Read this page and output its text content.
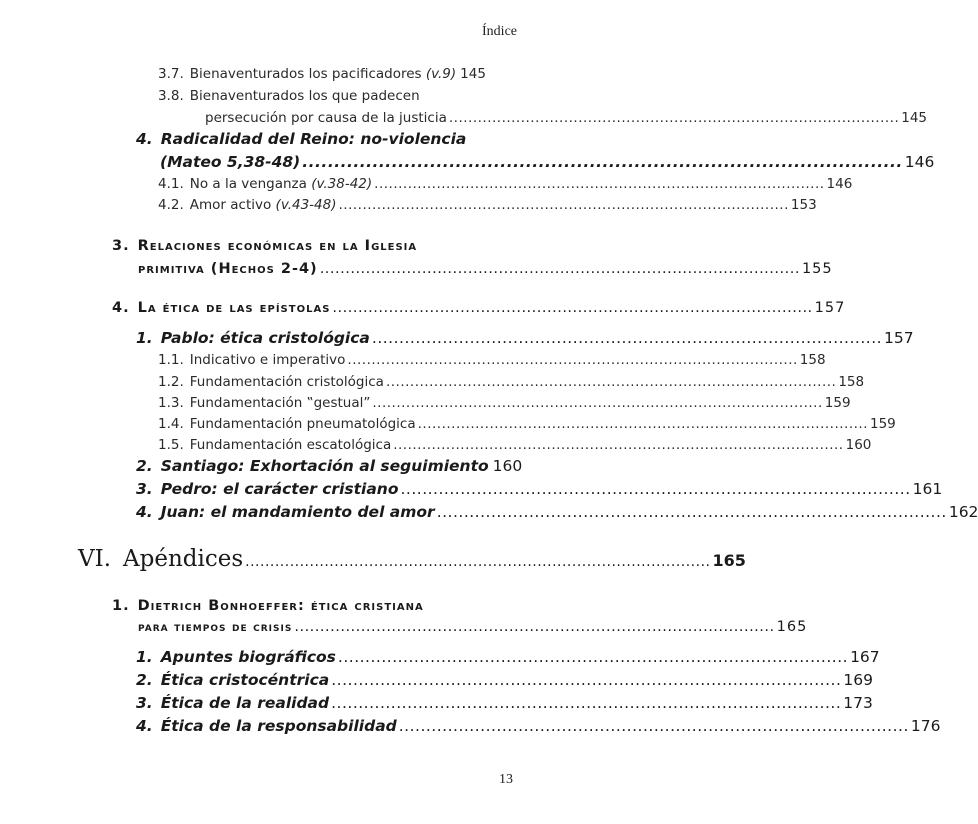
Índice
3.7. Bienaventurados los pacificadores (v.9) 145
3.8. Bienaventurados los que padecen
persecución por causa de la justicia .............................................................................................. 145
4. Radicalidad del Reino: no-violencia
(Mateo 5,38-48) .............................................................................................. 146
4.1. No a la venganza (v.38-42) .............................................................................................. 146
4.2. Amor activo (v.43-48) .............................................................................................. 153
3. Relaciones económicas en la Iglesia
primitiva (Hechos 2-4) .............................................................................................. 155
4. La ética de las epístolas .............................................................................................. 157
1. Pablo: ética cristológica .............................................................................................. 157
1.1. Indicativo e imperativo .............................................................................................. 158
1.2. Fundamentación cristológica .............................................................................................. 158
1.3. Fundamentación ‟gestual” .............................................................................................. 159
1.4. Fundamentación pneumatológica .............................................................................................. 159
1.5. Fundamentación escatológica .............................................................................................. 160
2. Santiago: Exhortación al seguimiento 160
3. Pedro: el carácter cristiano .............................................................................................. 161
4. Juan: el mandamiento del amor .............................................................................................. 162
VI. Apéndices .............................................................................................. 165
1. Dietrich Bonhoeffer: ética cristiana
para tiempos de crisis .............................................................................................. 165
1. Apuntes biográficos .............................................................................................. 167
2. Ética cristocéntrica .............................................................................................. 169
3. Ética de la realidad .............................................................................................. 173
4. Ética de la responsabilidad .............................................................................................. 176
13
